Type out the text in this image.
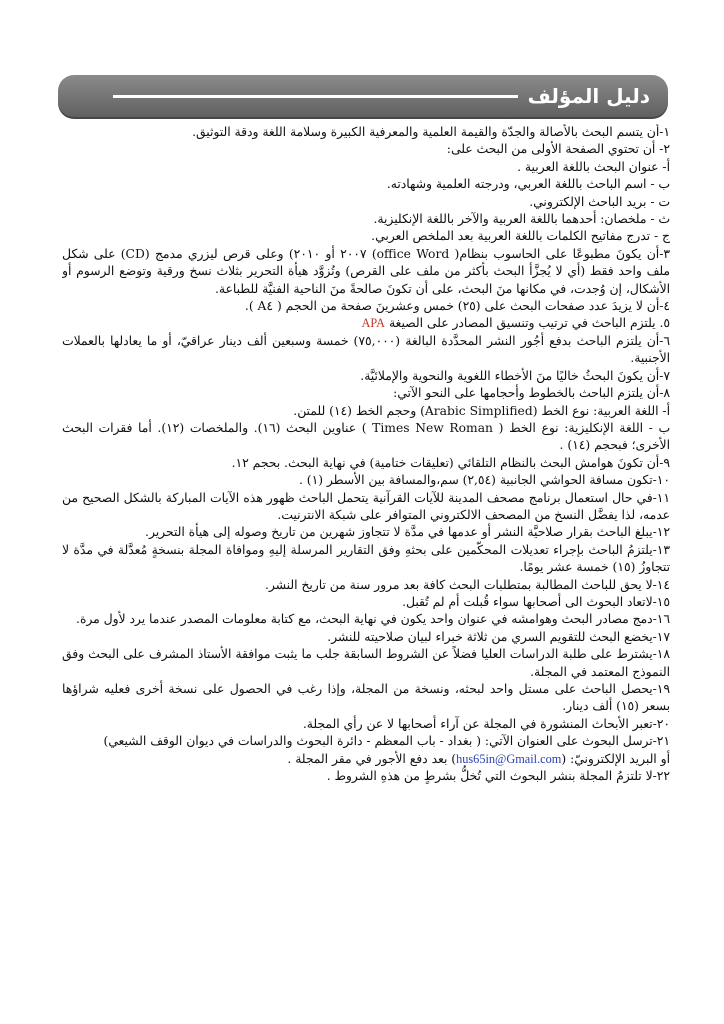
دليل المؤلف

١-أن يتسم البحث بالأصالة والجدّة والقيمة العلمية والمعرفية الكبيرة وسلامة اللغة ودقة التوثيق.

٢- أن تحتوي الصفحة الأولى من البحث على:

أ- عنوان البحث باللغة العربية .

ب - اسم الباحث باللغة العربي، ودرجته العلمية وشهادته.

ت - بريد الباحث الإلكتروني.

ث - ملخصان: أحدهما باللغة العربية والآخر باللغة الإنكليزية.

ج - تدرج مفاتيح الكلمات باللغة العربية بعد الملخص العربي.

٣-أن يكونَ مطبوعًا على الحاسوب بنظام( office Word) ٢٠٠٧ أو ٢٠١٠) وعلى قرص ليزري مدمج (CD) على شكل ملف واحد فقط (أي لا يُجزَّأ البحث بأكثر من ملف على القرص) وتُزوَّد هيأة التحرير بثلاث نسخ ورقية وتوضع الرسوم أو الأشكال، إن وُجدت، في مكانها منَ البحث، على أن تكونَ صالحةً منَ الناحية الفنيَّة للطباعة.

٤-أن لا يزيدَ عدد صفحات البحث على (٢٥) خمس وعشرينَ صفحة من الحجم ( A٤ ).

٥. يلتزم الباحث في ترتيب وتنسيق المصادر على الصيغة APA

٦-أن يلتزم الباحث بدفع أجُور النشر المحدَّدة البالغة (٧٥,٠٠٠) خمسة وسبعين ألف دينار عراقيّ، أو ما يعادلها بالعملات الأجنبية.

٧-أن يكونَ البحثُ خاليًا منَ الأخطاء اللغوية والنحوية والإملائيَّة.

٨-أن يلتزم الباحث بالخطوط وأحجامها على النحو الآتي:

أ- اللغة العربية: نوع الخط (Arabic Simplified) وحجم الخط (١٤) للمتن.

ب - اللغة الإنكليزية: نوع الخط ( Times New Roman ) عناوين البحث (١٦). والملخصات (١٢). أما فقرات البحث الأخرى؛ فبحجم (١٤) .

٩-أن تكونَ هوامش البحث بالنظام التلقائي (تعليقات ختامية) في نهاية البحث. بحجم ١٢.

١٠-تكون مسافة الحواشي الجانبية (٢,٥٤) سم،والمسافة بين الأسطر (١) .

١١-في حال استعمال برنامج مصحف المدينة للآيات القرآنية يتحمل الباحث ظهور هذه الآيات المباركة بالشكل الصحيح من عدمه، لذا يفضَّل النسخ من المصحف الالكتروني المتوافر على شبكة الانترنيت.

١٢-يبلغ الباحث بقرار صلاحيَّة النشر أو عدمها في مدَّة لا تتجاوز شهرين من تاريخ وصوله إلى هيأة التحرير.

١٣-يلتزمُ الباحث بإجراء تعديلات المحكّمين على بحثهِ وفق التقارير المرسلة إليهِ وموافاة المجلة بنسخةٍ مُعدَّلة في مدَّة لا تتجاوزُ (١٥) خمسة عشر يومًا.

١٤-لا يحق للباحث المطالبة بمتطلبات البحث كافة بعد مرور سنة من تاريخ النشر.

١٥-لاتعاد البحوث الى أصحابها سواء قُبلت أم لم تُقبل.

١٦-دمج مصادر البحث وهوامشه في عنوان واحد يكون في نهاية البحث، مع كتابة معلومات المصدر عندما يرد لأول مرة.

١٧-يخضع البحث للتقويم السري من ثلاثة خبراء لبيان صلاحيته للنشر.

١٨-يشترط على طلبة الدراسات العليا فضلاً عن الشروط السابقة جلب ما يثبت موافقة الأستاذ المشرف على البحث وفق النموذج المعتمد في المجلة.

١٩-يحصل الباحث على مستل واحد لبحثه، ونسخة من المجلة، وإذا رغب في الحصول على نسخة أخرى فعليه شراؤها بسعر (١٥) ألف دينار.

٢٠-تعبر الأبحاث المنشورة في المجلة عن آراء أصحابها لا عن رأي المجلة.

٢١-ترسل البحوث على العنوان الآتي: ( بغداد - باب المعظم - دائرة البحوث والدراسات في ديوان الوقف الشيعي)

أو البريد الإلكترونيّ: (hus65in@Gmail.com) بعد دفع الأجور في مقر المجلة .

٢٢-لا تلتزمُ المجلة بنشر البحوث التي تُخلُّ بشرطٍ من هذهِ الشروط .
